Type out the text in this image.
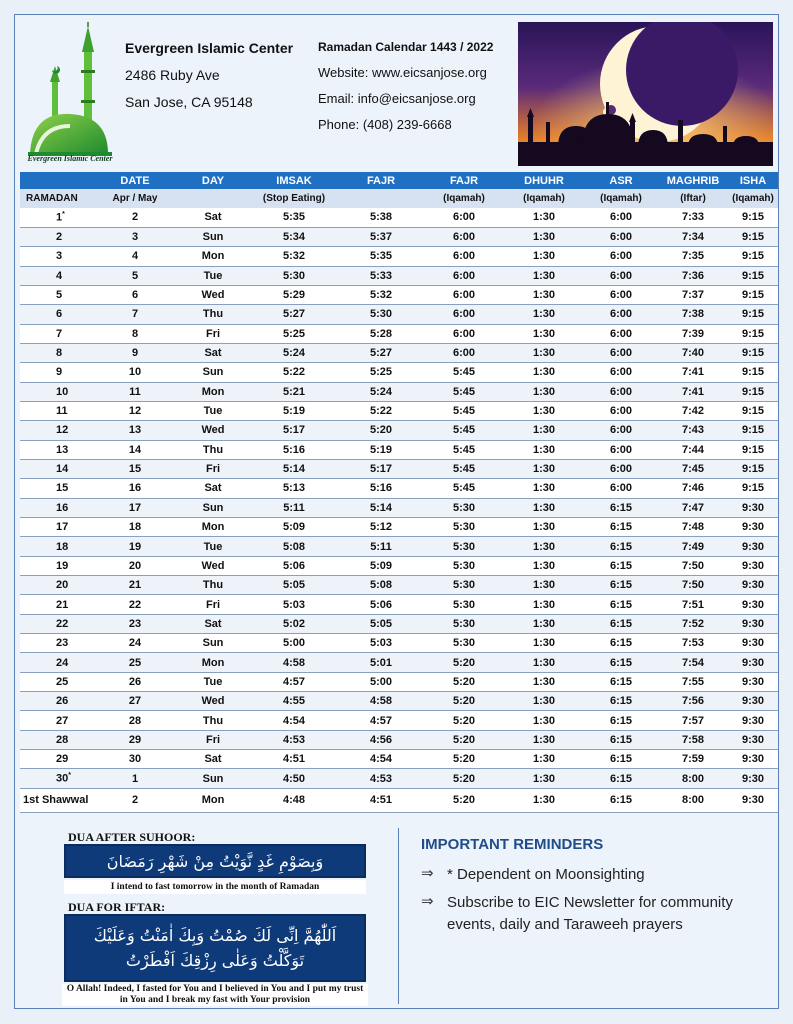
Evergreen Islamic Center
Evergreen Islamic Center
2486 Ruby Ave
San Jose, CA 95148
Ramadan Calendar 1443 / 2022
Website: www.eicsanjose.org
Email: info@eicsanjose.org
Phone: (408) 239-6668
	DATE	DAY	IMSAK	FAJR	FAJR	DHUHR	ASR	MAGHRIB	ISHA
RAMADAN	Apr / May		(Stop Eating)		(Iqamah)	(Iqamah)	(Iqamah)	(Iftar)	(Iqamah)
1*	2	Sat	5:35	5:38	6:00	1:30	6:00	7:33	9:15
2	3	Sun	5:34	5:37	6:00	1:30	6:00	7:34	9:15
3	4	Mon	5:32	5:35	6:00	1:30	6:00	7:35	9:15
4	5	Tue	5:30	5:33	6:00	1:30	6:00	7:36	9:15
5	6	Wed	5:29	5:32	6:00	1:30	6:00	7:37	9:15
6	7	Thu	5:27	5:30	6:00	1:30	6:00	7:38	9:15
7	8	Fri	5:25	5:28	6:00	1:30	6:00	7:39	9:15
8	9	Sat	5:24	5:27	6:00	1:30	6:00	7:40	9:15
9	10	Sun	5:22	5:25	5:45	1:30	6:00	7:41	9:15
10	11	Mon	5:21	5:24	5:45	1:30	6:00	7:41	9:15
11	12	Tue	5:19	5:22	5:45	1:30	6:00	7:42	9:15
12	13	Wed	5:17	5:20	5:45	1:30	6:00	7:43	9:15
13	14	Thu	5:16	5:19	5:45	1:30	6:00	7:44	9:15
14	15	Fri	5:14	5:17	5:45	1:30	6:00	7:45	9:15
15	16	Sat	5:13	5:16	5:45	1:30	6:00	7:46	9:15
16	17	Sun	5:11	5:14	5:30	1:30	6:15	7:47	9:30
17	18	Mon	5:09	5:12	5:30	1:30	6:15	7:48	9:30
18	19	Tue	5:08	5:11	5:30	1:30	6:15	7:49	9:30
19	20	Wed	5:06	5:09	5:30	1:30	6:15	7:50	9:30
20	21	Thu	5:05	5:08	5:30	1:30	6:15	7:50	9:30
21	22	Fri	5:03	5:06	5:30	1:30	6:15	7:51	9:30
22	23	Sat	5:02	5:05	5:30	1:30	6:15	7:52	9:30
23	24	Sun	5:00	5:03	5:30	1:30	6:15	7:53	9:30
24	25	Mon	4:58	5:01	5:20	1:30	6:15	7:54	9:30
25	26	Tue	4:57	5:00	5:20	1:30	6:15	7:55	9:30
26	27	Wed	4:55	4:58	5:20	1:30	6:15	7:56	9:30
27	28	Thu	4:54	4:57	5:20	1:30	6:15	7:57	9:30
28	29	Fri	4:53	4:56	5:20	1:30	6:15	7:58	9:30
29	30	Sat	4:51	4:54	5:20	1:30	6:15	7:59	9:30
30*	1	Sun	4:50	4:53	5:20	1:30	6:15	8:00	9:30
1st Shawwal	2	Mon	4:48	4:51	5:20	1:30	6:15	8:00	9:30
DUA AFTER SUHOOR:
وَبِصَوْمِ غَدٍ نَّوَيْتُ مِنْ شَهْرِ رَمَضَانَ
I intend to fast tomorrow in the month of Ramadan
DUA FOR IFTAR:
اَللّٰهُمَّ اِنِّی لَكَ صُمْتُ وَبِكَ اٰمَنْتُ وَعَلَيْكَ
تَوَكَّلْتُ وَعَلٰى رِزْقِكَ اَفْطَرْتُ
O Allah! Indeed, I fasted for You and I believed in You and I put my trust in You and I break my fast with Your provision
IMPORTANT REMINDERS
⇒ * Dependent on Moonsighting
⇒ Subscribe to EIC Newsletter for community events, daily and Taraweeh prayers
